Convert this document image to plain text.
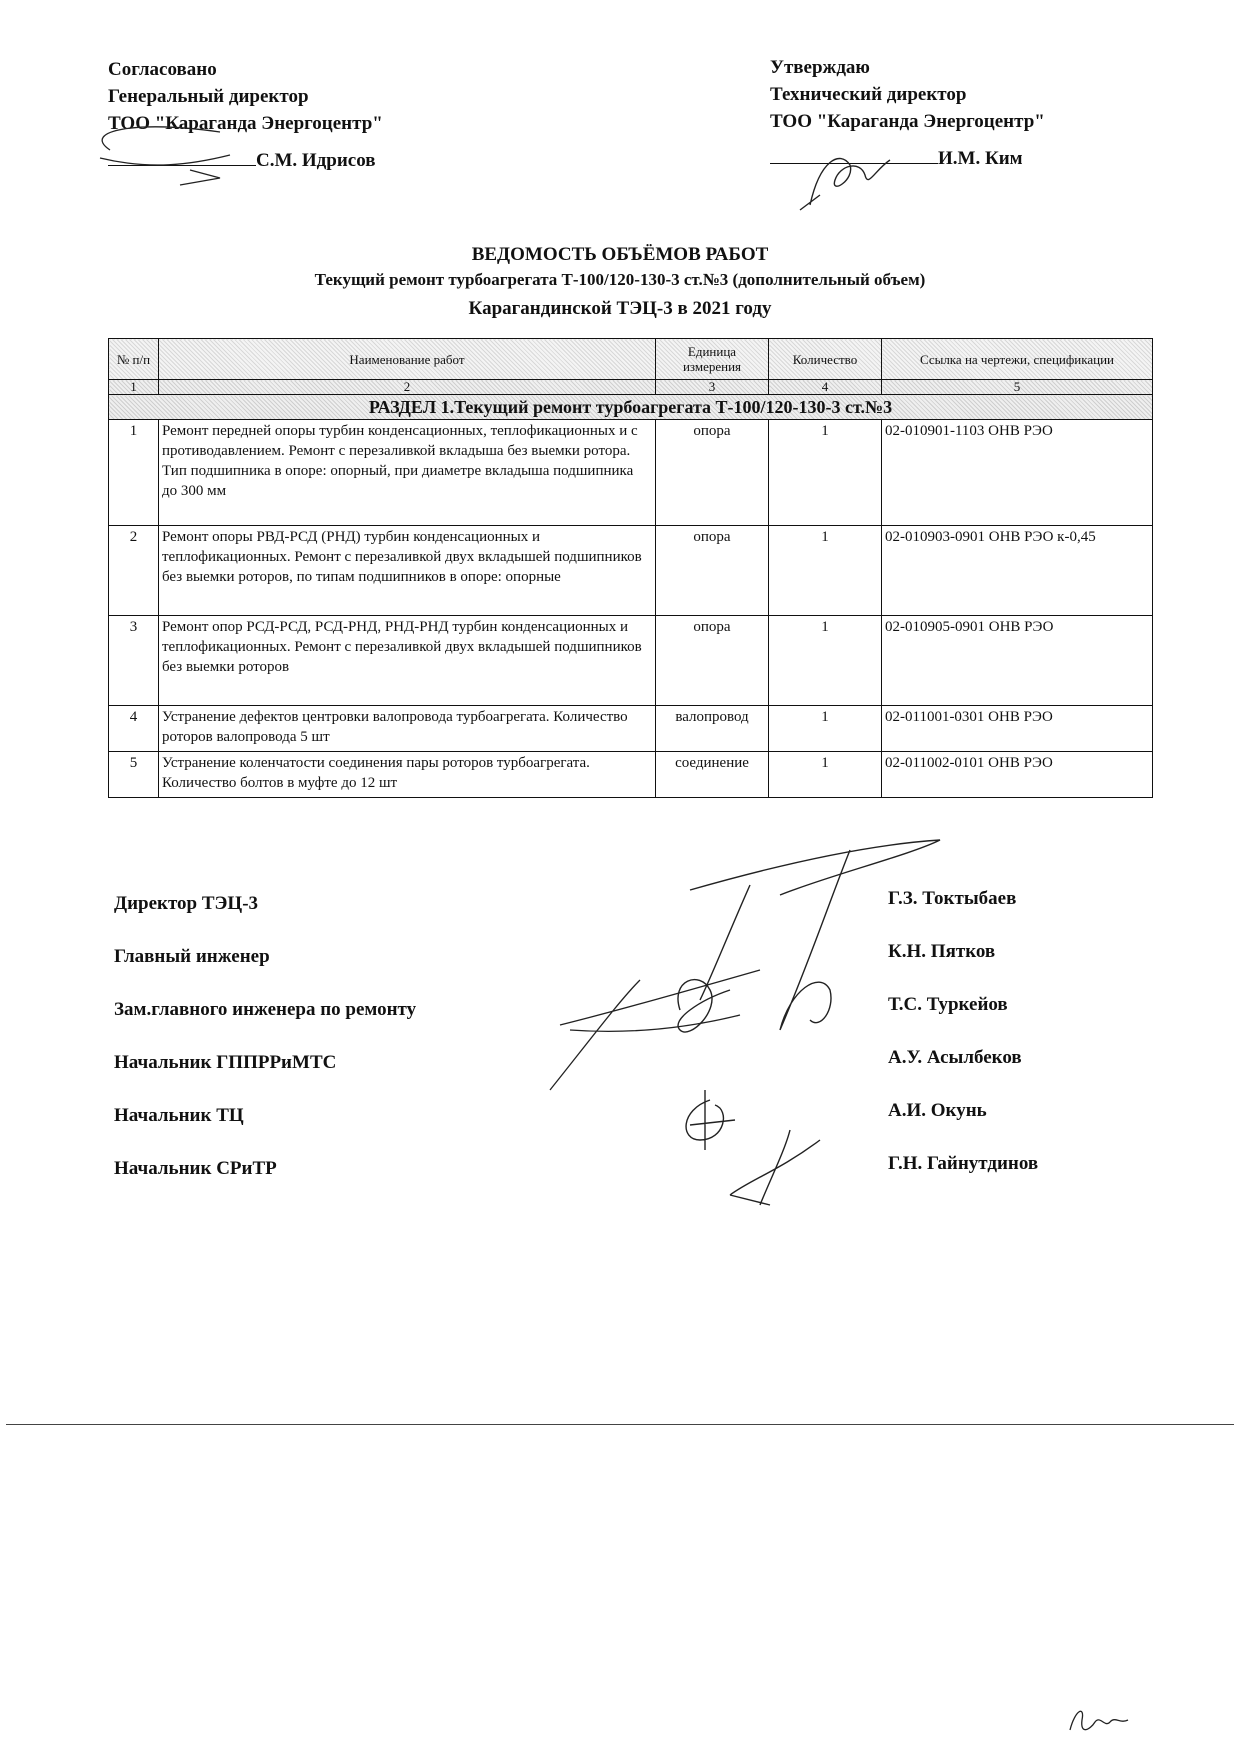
Согласовано
Генеральный директор
ТОО "Караганда Энергоцентр"
С.М. Идрисов
Утверждаю
Технический директор
ТОО "Караганда Энергоцентр"
И.М. Ким
ВЕДОМОСТЬ ОБЪЁМОВ РАБОТ
Текущий ремонт турбоагрегата Т-100/120-130-3 ст.№3 (дополнительный объем)
Карагандинской ТЭЦ-3 в 2021 году
№ п/п	Наименование работ	Единица измерения	Количество	Ссылка на чертежи, спецификации
1	2	3	4	5
РАЗДЕЛ 1.Текущий ремонт турбоагрегата Т-100/120-130-3 ст.№3				
1	Ремонт передней опоры турбин конденсационных, теплофикационных и с противодавлением. Ремонт с перезаливкой вкладыша без выемки ротора. Тип подшипника в опоре: опорный, при диаметре вкладыша подшипника до 300 мм	опора	1	02-010901-1103 ОНВ РЭО
2	Ремонт опоры РВД-РСД (РНД) турбин конденсационных и теплофикационных. Ремонт с перезаливкой двух вкладышей подшипников без выемки роторов, по типам подшипников в опоре: опорные	опора	1	02-010903-0901 ОНВ РЭО к-0,45
3	Ремонт опор РСД-РСД, РСД-РНД, РНД-РНД турбин конденсационных и теплофикационных. Ремонт с перезаливкой двух вкладышей подшипников без выемки роторов	опора	1	02-010905-0901 ОНВ РЭО
4	Устранение дефектов центровки валопровода турбоагрегата. Количество роторов валопровода 5 шт	валопровод	1	02-011001-0301 ОНВ РЭО
5	Устранение коленчатости соединения пары роторов турбоагрегата. Количество болтов в муфте до 12 шт	соединение	1	02-011002-0101 ОНВ РЭО
Директор ТЭЦ-3
Главный инженер
Зам.главного инженера по ремонту
Начальник ГППРРиМТС
Начальник ТЦ
Начальник СРиТР
Г.З. Токтыбаев
К.Н. Пятков
Т.С. Туркейов
А.У. Асылбеков
А.И. Окунь
Г.Н. Гайнутдинов
